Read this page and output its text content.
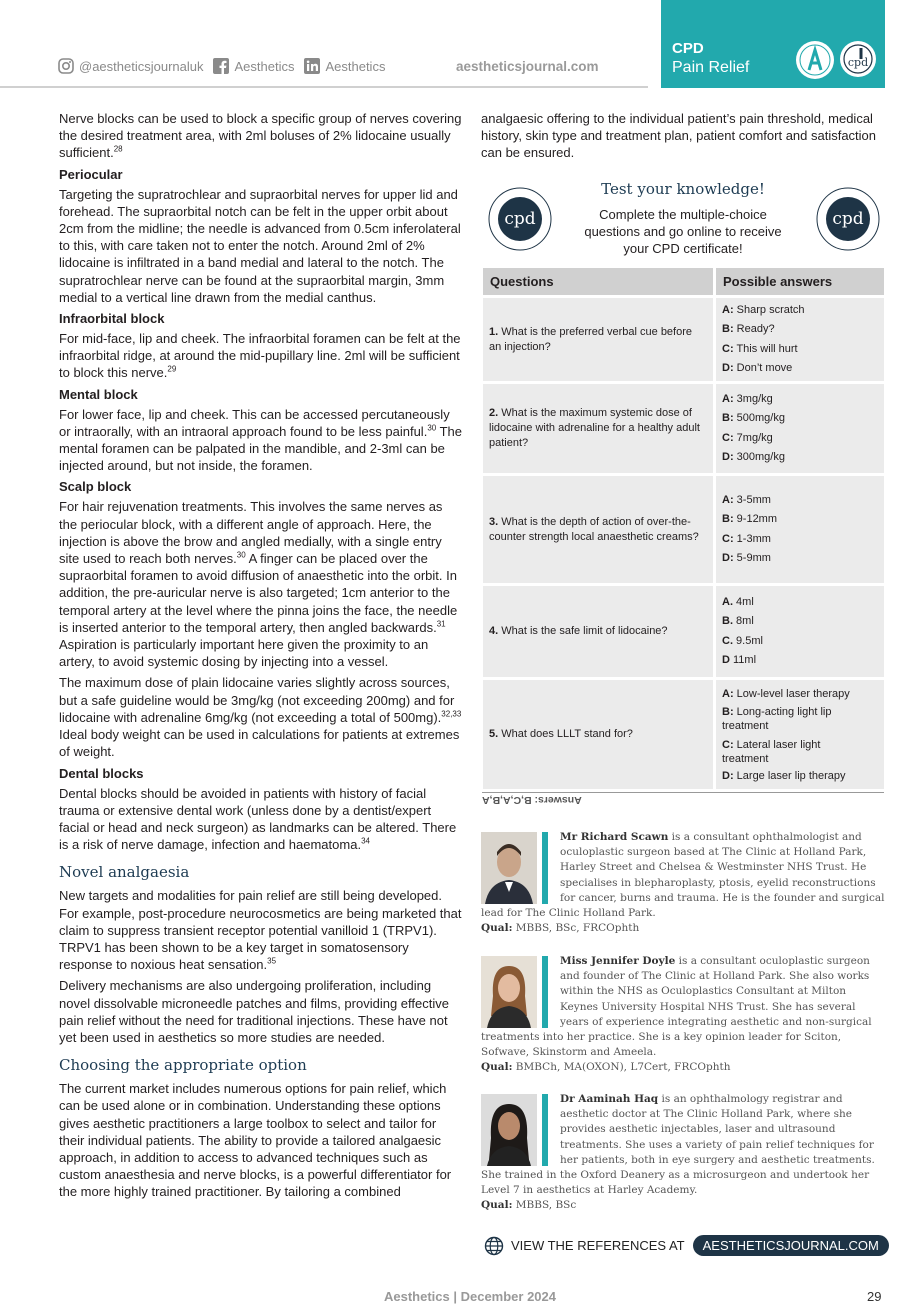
@aestheticsjournaluk Aesthetics Aesthetics	aestheticsjournal.com
CPD
Pain Relief	cpd

Nerve blocks can be used to block a specific group of nerves covering the desired treatment area, with 2ml boluses of 2% lidocaine usually sufficient.$^{28}$

Periocular

Targeting the supratrochlear and supraorbital nerves for upper lid and forehead. The supraorbital notch can be felt in the upper orbit about 2cm from the midline; the needle is advanced from 0.5cm inferolateral to this, with care taken not to enter the notch. Around 2ml of 2% lidocaine is infiltrated in a band medial and lateral to the notch. The supratrochlear nerve can be found at the supraorbital margin, 3mm medial to a vertical line drawn from the medial canthus.

Infraorbital block

For mid-face, lip and cheek. The infraorbital foramen can be felt at the infraorbital ridge, at around the mid-pupillary line. 2ml will be sufficient to block this nerve.$^{29}$

Mental block

For lower face, lip and cheek. This can be accessed percutaneously or intraorally, with an intraoral approach found to be less painful.$^{30}$ The mental foramen can be palpated in the mandible, and 2-3ml can be injected around, but not inside, the foramen.

Scalp block

For hair rejuvenation treatments. This involves the same nerves as the periocular block, with a different angle of approach. Here, the injection is above the brow and angled medially, with a single entry site used to reach both nerves.$^{30}$ A finger can be placed over the supraorbital foramen to avoid diffusion of anaesthetic into the orbit. In addition, the pre-auricular nerve is also targeted; 1cm anterior to the temporal artery at the level where the pinna joins the face, the needle is inserted anterior to the temporal artery, then angled backwards.$^{31}$ Aspiration is particularly important here given the proximity to an artery, to avoid systemic dosing by injecting into a vessel.

The maximum dose of plain lidocaine varies slightly across sources, but a safe guideline would be 3mg/kg (not exceeding 200mg) and for lidocaine with adrenaline 6mg/kg (not exceeding a total of 500mg).$^{32,33}$ Ideal body weight can be used in calculations for patients at extremes of weight.

Dental blocks

Dental blocks should be avoided in patients with history of facial trauma or extensive dental work (unless done by a dentist/expert facial or head and neck surgeon) as landmarks can be altered. There is a risk of nerve damage, infection and haematoma.$^{34}$

Novel analgaesia

New targets and modalities for pain relief are still being developed. For example, post-procedure neurocosmetics are being marketed that claim to suppress transient receptor potential vanilloid 1 (TRPV1). TRPV1 has been shown to be a key target in somatosensory response to noxious heat sensation.$^{35}$

Delivery mechanisms are also undergoing proliferation, including novel dissolvable microneedle patches and films, providing effective pain relief without the need for traditional injections. These have not yet been used in aesthetics so more studies are needed.

Choosing the appropriate option

The current market includes numerous options for pain relief, which can be used alone or in combination. Understanding these options gives aesthetic practitioners a large toolbox to select and tailor for their individual patients. The ability to provide a tailored analgaesic approach, in addition to access to advanced techniques such as custom anaesthesia and nerve blocks, is a powerful differentiator for the more highly trained practitioner. By tailoring a combined

analgaesic offering to the individual patient’s pain threshold, medical history, skin type and treatment plan, patient comfort and satisfaction can be ensured.
cpd
Test your knowledge!
Complete the multiple-choice questions and go online to receive your CPD certificate!
cpd
Questions	Possible answers
1. What is the preferred verbal cue before an injection?	A: Sharp scratch
B: Ready?
C: This will hurt
D: Don’t move

2. What is the maximum systemic dose of lidocaine with adrenaline for a healthy adult patient?	A: 3mg/kg
B: 500mg/kg
C: 7mg/kg
D: 300mg/kg

3. What is the depth of action of over-the-counter strength local anaesthetic creams?	A: 3-5mm
B: 9-12mm
C: 1-3mm
D: 5-9mm

4. What is the safe limit of lidocaine?	A. 4ml
B. 8ml
C. 9.5ml
D 11ml

5. What does LLLT stand for?	A: Low-level laser therapy
B: Long-acting light lip treatment
C: Lateral laser light treatment
D: Large laser lip therapy
Answers: B,C,A,B,A
Mr Richard Scawn is a consultant ophthalmologist and oculoplastic surgeon based at The Clinic at Holland Park, Harley Street and Chelsea & Westminster NHS Trust. He specialises in blepharoplasty, ptosis, eyelid reconstructions for cancer, burns and trauma. He is the founder and surgical lead for The Clinic Holland Park.
Qual: MBBS, BSc, FRCOphth
Miss Jennifer Doyle is a consultant oculoplastic surgeon and founder of The Clinic at Holland Park. She also works within the NHS as Oculoplastics Consultant at Milton Keynes University Hospital NHS Trust. She has several years of experience integrating aesthetic and non-surgical treatments into her practice. She is a key opinion leader for Sciton, Sofwave, Skinstorm and Ameela.
Qual: BMBCh, MA(OXON), L7Cert, FRCOphth
Dr Aaminah Haq is an ophthalmology registrar and aesthetic doctor at The Clinic Holland Park, where she provides aesthetic injectables, laser and ultrasound treatments. She uses a variety of pain relief techniques for her patients, both in eye surgery and aesthetic treatments. She trained in the Oxford Deanery as a microsurgeon and undertook her Level 7 in aesthetics at Harley Academy.
Qual: MBBS, BSc
VIEW THE REFERENCES AT	AESTHETICSJOURNAL.COM
Aesthetics | December 2024	29
